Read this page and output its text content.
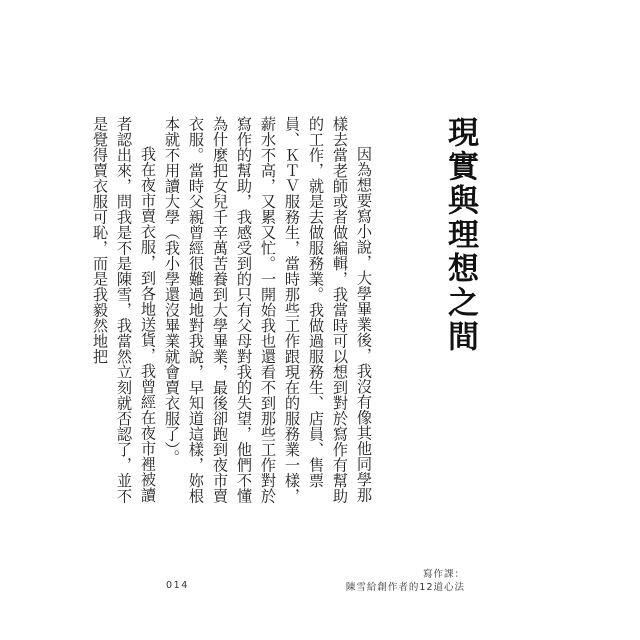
現實與理想之間

因為想要寫小說，大學畢業後，我沒有像其他同學那樣去當老師或者做編輯，我當時可以想到對於寫作有幫助的工作，就是去做服務業。我做過服務生、店員、售票員、ＫＴＶ服務生，當時那些工作跟現在的服務業一樣，薪水不高，又累又忙。一開始我也還看不到那些工作對於寫作的幫助，我感受到的只有父母對我的失望，他們不懂為什麼把女兒千辛萬苦養到大學畢業，最後卻跑到夜市賣衣服。當時父親曾經很難過地對我說，早知道這樣，妳根本就不用讀大學（我小學還沒畢業就會賣衣服了）。

我在夜市賣衣服，到各地送貨，我曾經在夜市裡被讀者認出來，問我是不是陳雪，我當然立刻就否認了，並不是覺得賣衣服可恥，而是我毅然地把

014
寫作課：
陳雪給創作者的12道心法
